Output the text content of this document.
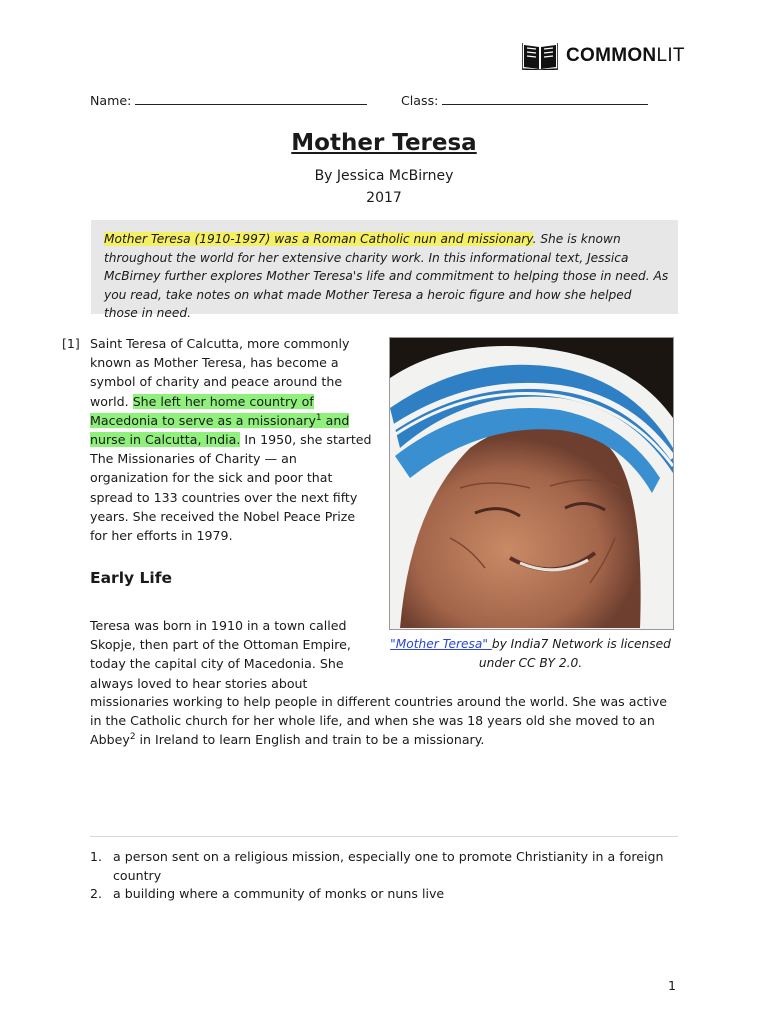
COMMONLIT
Name:	Class:
Mother Teresa
By Jessica McBirney
2017
Mother Teresa (1910-1997) was a Roman Catholic nun and missionary. She is known throughout the world for her extensive charity work. In this informational text, Jessica McBirney further explores Mother Teresa's life and commitment to helping those in need. As you read, take notes on what made Mother Teresa a heroic figure and how she helped those in need.
[1] Saint Teresa of Calcutta, more commonly known as Mother Teresa, has become a symbol of charity and peace around the world. She left her home country of Macedonia to serve as a missionary$^1$ and nurse in Calcutta, India. In 1950, she started The Missionaries of Charity — an organization for the sick and poor that spread to 133 countries over the next fifty years. She received the Nobel Peace Prize for her efforts in 1979.
Early Life
Teresa was born in 1910 in a town called Skopje, then part of the Ottoman Empire, today the capital city of Macedonia. She always loved to hear stories about
missionaries working to help people in different countries around the world. She was active in the Catholic church for her whole life, and when she was 18 years old she moved to an Abbey$^2$ in Ireland to learn English and train to be a missionary.
"Mother Teresa" by India7 Network is licensed under CC BY 2.0.
1. a person sent on a religious mission, especially one to promote Christianity in a foreign country
2. a building where a community of monks or nuns live
1
